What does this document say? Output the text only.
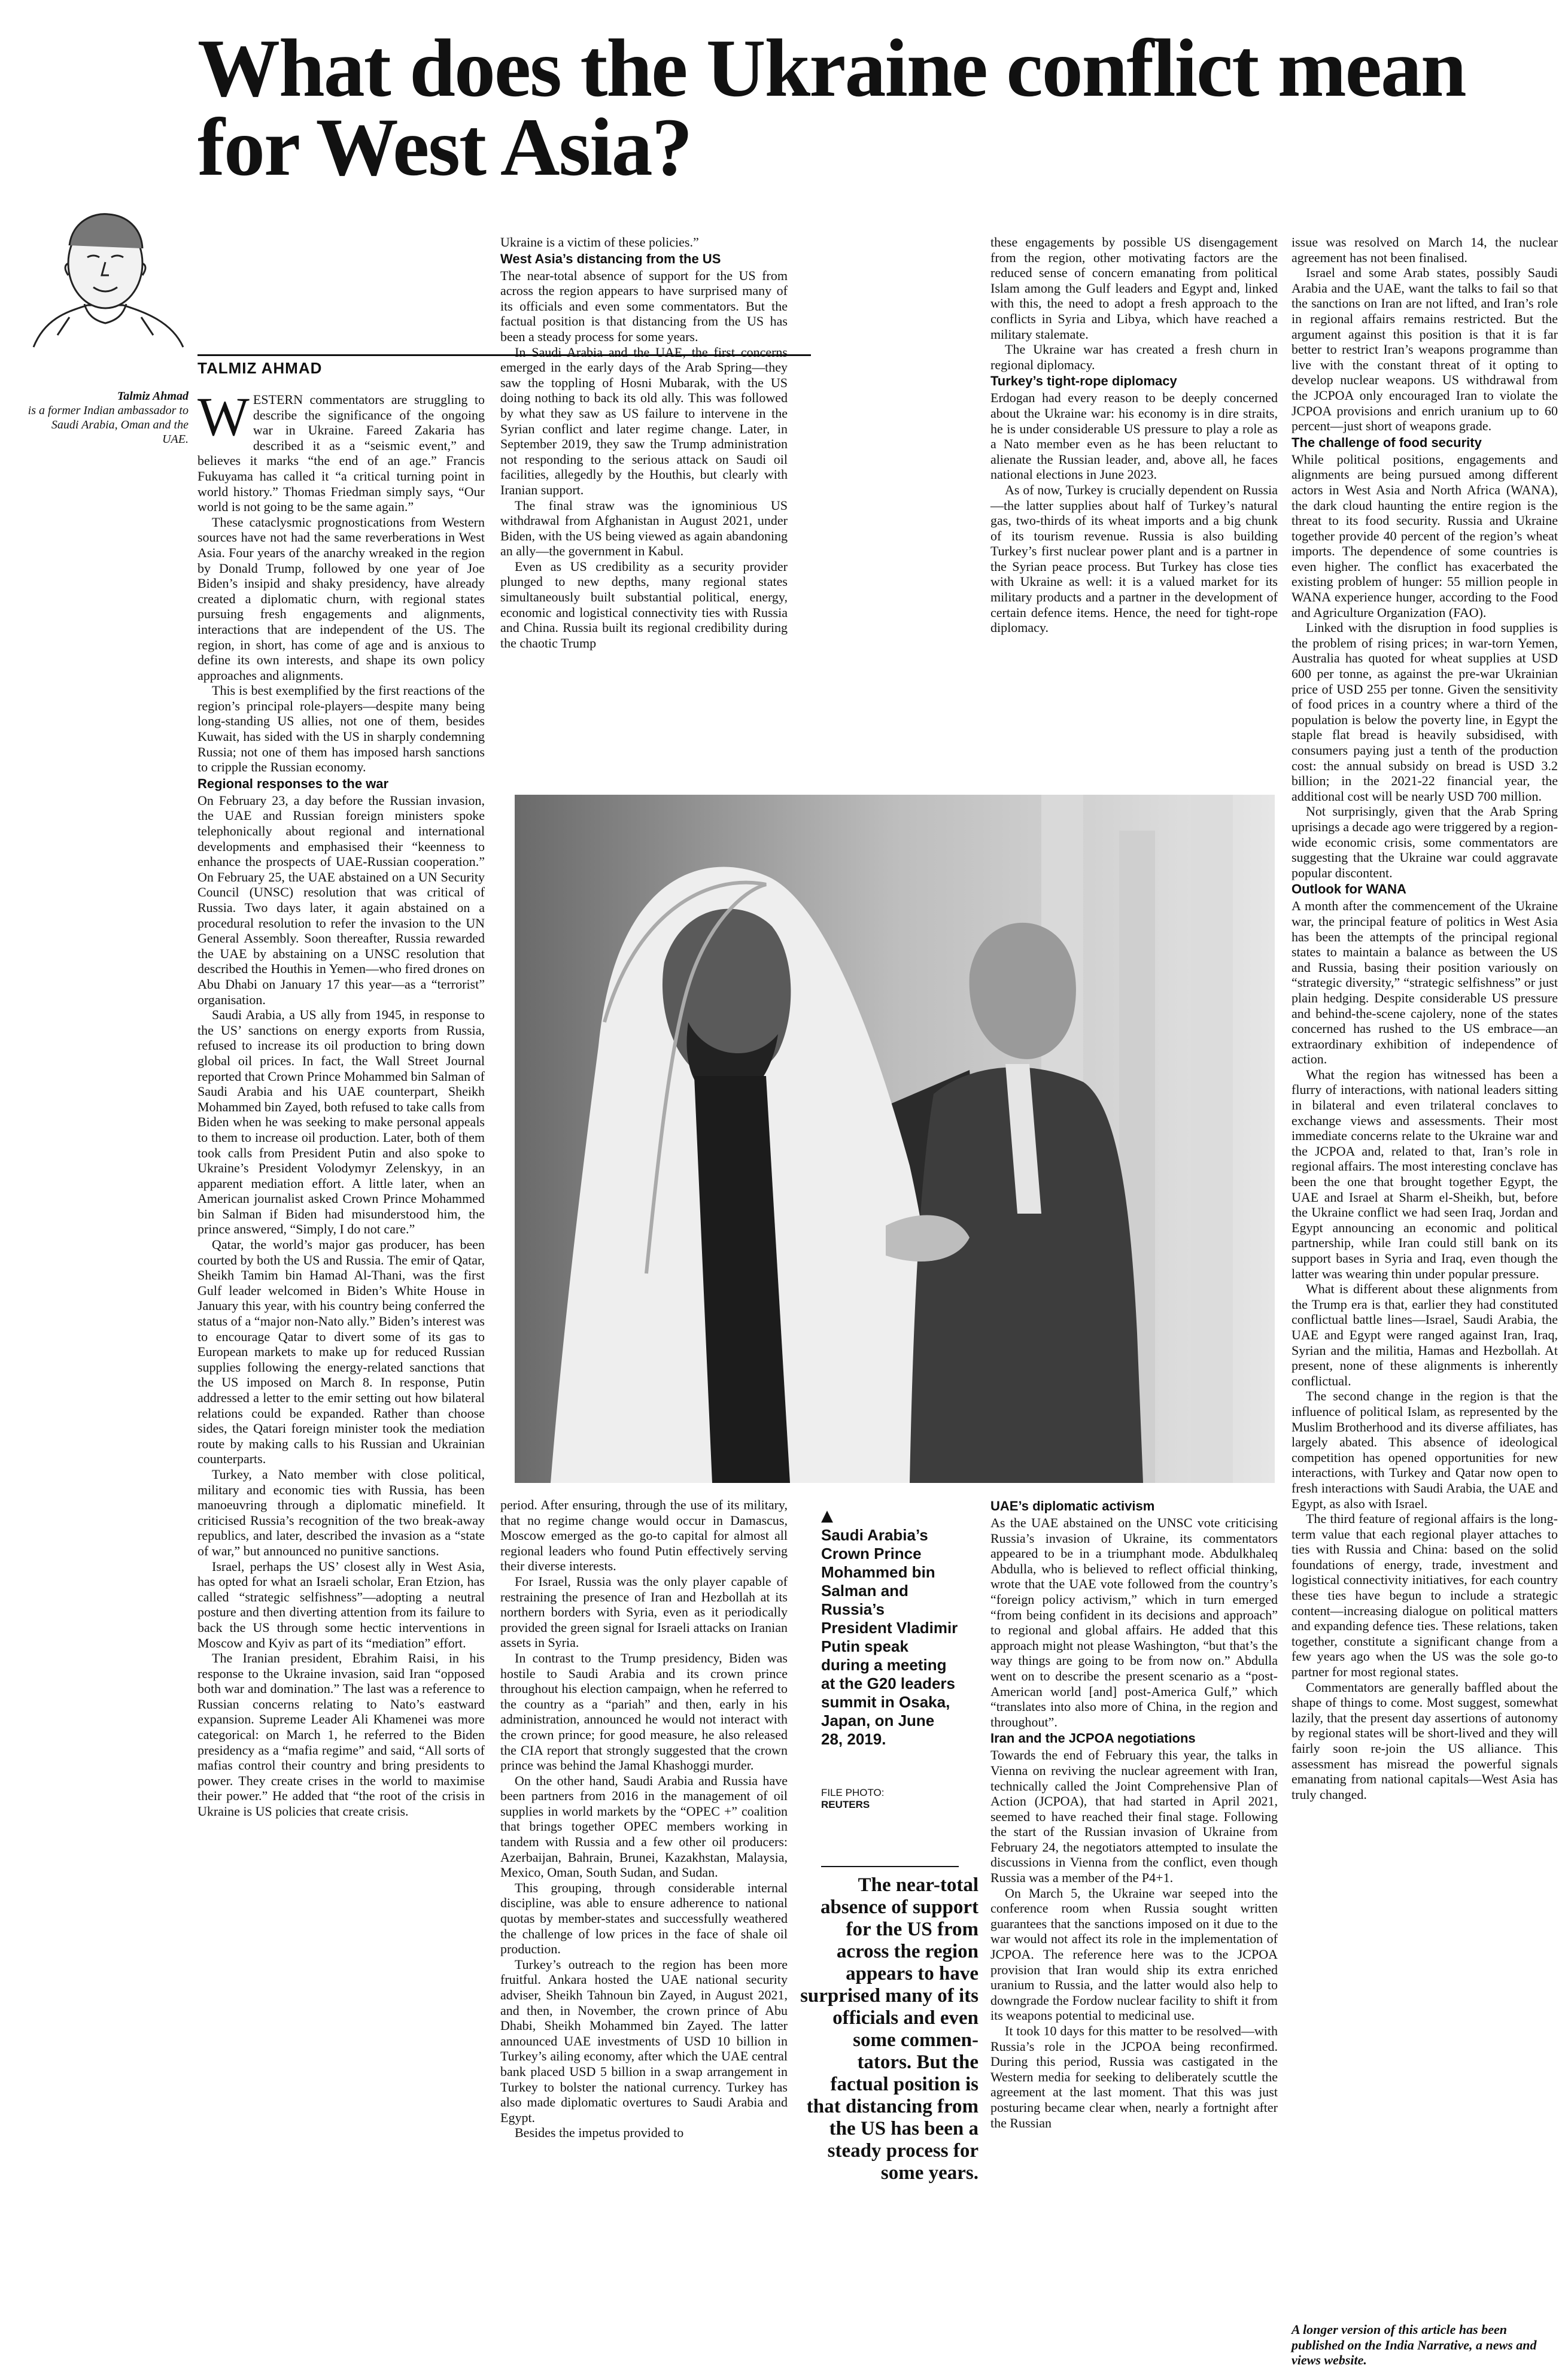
What does the Ukraine conflict mean for West Asia?
TALMIZ AHMAD
Talmiz Ahmad
is a former Indian ambassador to Saudi Arabia, Oman and the UAE. WESTERN commentators are struggling to describe the significance of the ongoing war in Ukraine. Fareed Zakaria has described it as a “seismic event,” and believes it marks “the end of an age.” Francis Fukuyama has called it “a critical turning point in world history.” Thomas Friedman simply says, “Our world is not going to be the same again.”

These cataclysmic prognostications from Western sources have not had the same reverberations in West Asia. Four years of the anarchy wreaked in the region by Donald Trump, followed by one year of Joe Biden’s insipid and shaky presidency, have already created a diplomatic churn, with regional states pursuing fresh engagements and alignments, interactions that are independent of the US. The region, in short, has come of age and is anxious to define its own interests, and shape its own policy approaches and alignments.

This is best exemplified by the first reactions of the region’s principal role-players—despite many being long-standing US allies, not one of them, besides Kuwait, has sided with the US in sharply condemning Russia; not one of them has imposed harsh sanctions to cripple the Russian economy.

Regional responses to the war

On February 23, a day before the Russian invasion, the UAE and Russian foreign ministers spoke telephonically about regional and international developments and emphasised their “keenness to enhance the prospects of UAE-Russian cooperation.” On February 25, the UAE abstained on a UN Security Council (UNSC) resolution that was critical of Russia. Two days later, it again abstained on a procedural resolution to refer the invasion to the UN General Assembly. Soon thereafter, Russia rewarded the UAE by abstaining on a UNSC resolution that described the Houthis in Yemen—who fired drones on Abu Dhabi on January 17 this year—as a “terrorist” organisation.

Saudi Arabia, a US ally from 1945, in response to the US’ sanctions on energy exports from Russia, refused to increase its oil production to bring down global oil prices. In fact, the Wall Street Journal reported that Crown Prince Mohammed bin Salman of Saudi Arabia and his UAE counterpart, Sheikh Mohammed bin Zayed, both refused to take calls from Biden when he was seeking to make personal appeals to them to increase oil production. Later, both of them took calls from President Putin and also spoke to Ukraine’s President Volodymyr Zelenskyy, in an apparent mediation effort. A little later, when an American journalist asked Crown Prince Mohammed bin Salman if Biden had misunderstood him, the prince answered, “Simply, I do not care.”

Qatar, the world’s major gas producer, has been courted by both the US and Russia. The emir of Qatar, Sheikh Tamim bin Hamad Al-Thani, was the first Gulf leader welcomed in Biden’s White House in January this year, with his country being conferred the status of a “major non-Nato ally.” Biden’s interest was to encourage Qatar to divert some of its gas to European markets to make up for reduced Russian supplies following the energy-related sanctions that the US imposed on March 8. In response, Putin addressed a letter to the emir setting out how bilateral relations could be expanded. Rather than choose sides, the Qatari foreign minister took the mediation route by making calls to his Russian and Ukrainian counterparts.

Turkey, a Nato member with close political, military and economic ties with Russia, has been manoeuvring through a diplomatic minefield. It criticised Russia’s recognition of the two break-away republics, and later, described the invasion as a “state of war,” but announced no punitive sanctions.

Israel, perhaps the US’ closest ally in West Asia, has opted for what an Israeli scholar, Eran Etzion, has called “strategic selfishness”—adopting a neutral posture and then diverting attention from its failure to back the US through some hectic interventions in Moscow and Kyiv as part of its “mediation” effort.

The Iranian president, Ebrahim Raisi, in his response to the Ukraine invasion, said Iran “opposed both war and domination.” The last was a reference to Russian concerns relating to Nato’s eastward expansion. Supreme Leader Ali Khamenei was more categorical: on March 1, he referred to the Biden presidency as a “mafia regime” and said, “All sorts of mafias control their country and bring presidents to power. They create crises in the world to maximise their power.” He added that “the root of the crisis in Ukraine is US policies that create crisis.

Ukraine is a victim of these policies.”

West Asia’s distancing from the US

The near-total absence of support for the US from across the region appears to have surprised many of its officials and even some commentators. But the factual position is that distancing from the US has been a steady process for some years.

In Saudi Arabia and the UAE, the first concerns emerged in the early days of the Arab Spring—they saw the toppling of Hosni Mubarak, with the US doing nothing to back its old ally. This was followed by what they saw as US failure to intervene in the Syrian conflict and later regime change. Later, in September 2019, they saw the Trump administration not responding to the serious attack on Saudi oil facilities, allegedly by the Houthis, but clearly with Iranian support.

The final straw was the ignominious US withdrawal from Afghanistan in August 2021, under Biden, with the US being viewed as again abandoning an ally—the government in Kabul.

Even as US credibility as a security provider plunged to new depths, many regional states simultaneously built substantial political, energy, economic and logistical connectivity ties with Russia and China. Russia built its regional credibility during the chaotic Trump

these engagements by possible US disengagement from the region, other motivating factors are the reduced sense of concern emanating from political Islam among the Gulf leaders and Egypt and, linked with this, the need to adopt a fresh approach to the conflicts in Syria and Libya, which have reached a military stalemate.

The Ukraine war has created a fresh churn in regional diplomacy.

Turkey’s tight-rope diplomacy

Erdogan had every reason to be deeply concerned about the Ukraine war: his economy is in dire straits, he is under considerable US pressure to play a role as a Nato member even as he has been reluctant to alienate the Russian leader, and, above all, he faces national elections in June 2023.

As of now, Turkey is crucially dependent on Russia—the latter supplies about half of Turkey’s natural gas, two-thirds of its wheat imports and a big chunk of its tourism revenue. Russia is also building Turkey’s first nuclear power plant and is a partner in the Syrian peace process. But Turkey has close ties with Ukraine as well: it is a valued market for its military products and a partner in the development of certain defence items. Hence, the need for tight-rope diplomacy.

issue was resolved on March 14, the nuclear agreement has not been finalised.

Israel and some Arab states, possibly Saudi Arabia and the UAE, want the talks to fail so that the sanctions on Iran are not lifted, and Iran’s role in regional affairs remains restricted. But the argument against this position is that it is far better to restrict Iran’s weapons programme than live with the constant threat of it opting to develop nuclear weapons. US withdrawal from the JCPOA only encouraged Iran to violate the JCPOA provisions and enrich uranium up to 60 percent—just short of weapons grade.

The challenge of food security

While political positions, engagements and alignments are being pursued among different actors in West Asia and North Africa (WANA), the dark cloud haunting the entire region is the threat to its food security. Russia and Ukraine together provide 40 percent of the region’s wheat imports. The dependence of some countries is even higher. The conflict has exacerbated the existing problem of hunger: 55 million people in WANA experience hunger, according to the Food and Agriculture Organization (FAO).

Linked with the disruption in food supplies is the problem of rising prices; in war-torn Yemen, Australia has quoted for wheat supplies at USD 600 per tonne, as against the pre-war Ukrainian price of USD 255 per tonne. Given the sensitivity of food prices in a country where a third of the population is below the poverty line, in Egypt the staple flat bread is heavily subsidised, with consumers paying just a tenth of the production cost: the annual subsidy on bread is USD 3.2 billion; in the 2021-22 financial year, the additional cost will be nearly USD 700 million.

Not surprisingly, given that the Arab Spring uprisings a decade ago were triggered by a region-wide economic crisis, some commentators are suggesting that the Ukraine war could aggravate popular discontent.

Outlook for WANA

A month after the commencement of the Ukraine war, the principal feature of politics in West Asia has been the attempts of the principal regional states to maintain a balance as between the US and Russia, basing their position variously on “strategic diversity,” “strategic selfishness” or just plain hedging. Despite considerable US pressure and behind-the-scene cajolery, none of the states concerned has rushed to the US embrace—an extraordinary exhibition of independence of action.

What the region has witnessed has been a flurry of interactions, with national leaders sitting in bilateral and even trilateral conclaves to exchange views and assessments. Their most immediate concerns relate to the Ukraine war and the JCPOA and, related to that, Iran’s role in regional affairs. The most interesting conclave has been the one that brought together Egypt, the UAE and Israel at Sharm el-Sheikh, but, before the Ukraine conflict we had seen Iraq, Jordan and Egypt announcing an economic and political partnership, while Iran could still bank on its support bases in Syria and Iraq, even though the latter was wearing thin under popular pressure.

What is different about these alignments from the Trump era is that, earlier they had constituted conflictual battle lines—Israel, Saudi Arabia, the UAE and Egypt were ranged against Iran, Iraq, Syrian and the militia, Hamas and Hezbollah. At present, none of these alignments is inherently conflictual.

The second change in the region is that the influence of political Islam, as represented by the Muslim Brotherhood and its diverse affiliates, has largely abated. This absence of ideological competition has opened opportunities for new interactions, with Turkey and Qatar now open to fresh interactions with Saudi Arabia, the UAE and Egypt, as also with Israel.

The third feature of regional affairs is the long-term value that each regional player attaches to ties with Russia and China: based on the solid foundations of energy, trade, investment and logistical connectivity initiatives, for each country these ties have begun to include a strategic content—increasing dialogue on political matters and expanding defence ties. These relations, taken together, constitute a significant change from a few years ago when the US was the sole go-to partner for most regional states.

Commentators are generally baffled about the shape of things to come. Most suggest, somewhat lazily, that the present day assertions of autonomy by regional states will be short-lived and they will fairly soon re-join the US alliance. This assessment has misread the powerful signals emanating from national capitals—West Asia has truly changed.

A longer version of this article has been published on the India Narrative, a news and views website.
▲
Saudi Arabia’s Crown Prince Mohammed bin Salman and Russia’s President Vladimir Putin speak during a meeting at the G20 leaders summit in Osaka, Japan, on June 28, 2019.
FILE PHOTO:
REUTERS
The near-total absence of support for the US from across the region appears to have surprised many of its officials and even some commen-tators. But the factual position is that distancing from the US has been a steady process for some years.

period. After ensuring, through the use of its military, that no regime change would occur in Damascus, Moscow emerged as the go-to capital for almost all regional leaders who found Putin effectively serving their diverse interests.

For Israel, Russia was the only player capable of restraining the presence of Iran and Hezbollah at its northern borders with Syria, even as it periodically provided the green signal for Israeli attacks on Iranian assets in Syria.

In contrast to the Trump presidency, Biden was hostile to Saudi Arabia and its crown prince throughout his election campaign, when he referred to the country as a “pariah” and then, early in his administration, announced he would not interact with the crown prince; for good measure, he also released the CIA report that strongly suggested that the crown prince was behind the Jamal Khashoggi murder.

On the other hand, Saudi Arabia and Russia have been partners from 2016 in the management of oil supplies in world markets by the “OPEC +” coalition that brings together OPEC members working in tandem with Russia and a few other oil producers: Azerbaijan, Bahrain, Brunei, Kazakhstan, Malaysia, Mexico, Oman, South Sudan, and Sudan.

This grouping, through considerable internal discipline, was able to ensure adherence to national quotas by member-states and successfully weathered the challenge of low prices in the face of shale oil production.

Turkey’s outreach to the region has been more fruitful. Ankara hosted the UAE national security adviser, Sheikh Tahnoun bin Zayed, in August 2021, and then, in November, the crown prince of Abu Dhabi, Sheikh Mohammed bin Zayed. The latter announced UAE investments of USD 10 billion in Turkey’s ailing economy, after which the UAE central bank placed USD 5 billion in a swap arrangement in Turkey to bolster the national currency. Turkey has also made diplomatic overtures to Saudi Arabia and Egypt.

Besides the impetus provided to

UAE’s diplomatic activism

As the UAE abstained on the UNSC vote criticising Russia’s invasion of Ukraine, its commentators appeared to be in a triumphant mode. Abdulkhaleq Abdulla, who is believed to reflect official thinking, wrote that the UAE vote followed from the country’s “foreign policy activism,” which in turn emerged “from being confident in its decisions and approach” to regional and global affairs. He added that this approach might not please Washington, “but that’s the way things are going to be from now on.” Abdulla went on to describe the present scenario as a “post-American world [and] post-America Gulf,” which “translates into also more of China, in the region and throughout”.

Iran and the JCPOA negotiations

Towards the end of February this year, the talks in Vienna on reviving the nuclear agreement with Iran, technically called the Joint Comprehensive Plan of Action (JCPOA), that had started in April 2021, seemed to have reached their final stage. Following the start of the Russian invasion of Ukraine from February 24, the negotiators attempted to insulate the discussions in Vienna from the conflict, even though Russia was a member of the P4+1.

On March 5, the Ukraine war seeped into the conference room when Russia sought written guarantees that the sanctions imposed on it due to the war would not affect its role in the implementation of JCPOA. The reference here was to the JCPOA provision that Iran would ship its extra enriched uranium to Russia, and the latter would also help to downgrade the Fordow nuclear facility to shift it from its weapons potential to medicinal use.

It took 10 days for this matter to be resolved—with Russia’s role in the JCPOA being reconfirmed. During this period, Russia was castigated in the Western media for seeking to deliberately scuttle the agreement at the last moment. That this was just posturing became clear when, nearly a fortnight after the Russian
